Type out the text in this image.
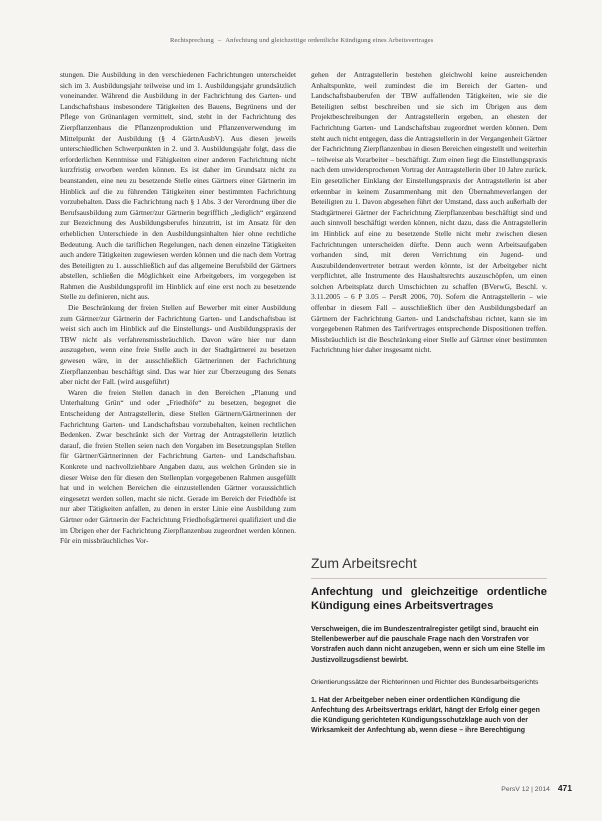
Rechtsprechung – Anfechtung und gleichzeitige ordentliche Kündigung eines Arbeitsvertrages

stungen. Die Ausbildung in den verschiedenen Fachrichtungen unterscheidet sich im 3. Ausbildungsjahr teilweise und im 1. Ausbildungsjahr grundsätzlich voneinander. Während die Ausbildung in der Fachrichtung des Garten- und Landschaftsbaus insbesondere Tätigkeiten des Bauens, Begrünens und der Pflege von Grünanlagen vermittelt, sind, steht in der Fachrichtung des Zierpflanzenbaus die Pflanzenproduktion und Pflanzenverwendung im Mittelpunkt der Ausbildung (§ 4 GärtnAusbV). Aus diesen jeweils unterschiedlichen Schwerpunkten in 2. und 3. Ausbildungsjahr folgt, dass die erforderlichen Kenntnisse und Fähigkeiten einer anderen Fachrichtung nicht kurzfristig erworben werden können. Es ist daher im Grundsatz nicht zu beanstanden, eine neu zu besetzende Stelle eines Gärtners einer Gärtnerin im Hinblick auf die zu führenden Tätigkeiten einer bestimmten Fachrichtung vorzubehalten. Dass die Fachrichtung nach § 1 Abs. 3 der Verordnung über die Berufsausbildung zum Gärtner/zur Gärtnerin begrifflich „lediglich“ ergänzend zur Bezeichnung des Ausbildungsberufes hinzutritt, ist im Ansatz für den erheblichen Unterschiede in den Ausbildungsinhalten hier ohne rechtliche Bedeutung. Auch die tariflichen Regelungen, nach denen einzelne Tätigkeiten auch andere Tätigkeiten zugewiesen werden können und die nach dem Vortrag des Beteiligten zu 1. ausschließlich auf das allgemeine Berufsbild der Gärtners abstellen, schließen die Möglichkeit eine Arbeitgebers, im vorgegeben ist Rahmen die Ausbildungsprofil im Hinblick auf eine erst noch zu besetzende Stelle zu definieren, nicht aus.

Die Beschränkung der freien Stellen auf Bewerber mit einer Ausbildung zum Gärtner/zur Gärtnerin der Fachrichtung Garten- und Landschaftsbau ist weist sich auch im Hinblick auf die Einstellungs- und Ausbildungspraxis der TBW nicht als verfahrensmissbräuchlich. Davon wäre hier nur dann auszugehen, wenn eine freie Stelle auch in der Stadtgärtnerei zu besetzen gewesen wäre, in der ausschließlich Gärtnerinnen der Fachrichtung Zierpflanzenbau beschäftigt sind. Das war hier zur Überzeugung des Senats aber nicht der Fall. (wird ausgeführt)

Waren die freien Stellen danach in den Bereichen „Planung und Unterhaltung Grün“ und oder „Friedhöfe“ zu besetzen, begegnet die Entscheidung der Antragstellerin, diese Stellen Gärtnern/Gärtnerinnen der Fachrichtung Garten- und Landschaftsbau vorzubehalten, keinen rechtlichen Bedenken. Zwar beschränkt sich der Vortrag der Antragstellerin letztlich darauf, die freien Stellen seien nach den Vorgaben im Besetzungsplan Stellen für Gärtner/Gärtnerinnen der Fachrichtung Garten- und Landschaftsbau. Konkrete und nachvollziehbare Angaben dazu, aus welchen Gründen sie in dieser Weise den für diesen den Stellenplan vorgegebenen Rahmen ausgefüllt hat und in welchen Bereichen die einzustellenden Gärtner voraussichtlich eingesetzt werden sollen, macht sie nicht. Gerade im Bereich der Friedhöfe ist nur aber Tätigkeiten anfallen, zu denen in erster Linie eine Ausbildung zum Gärtner oder Gärtnerin der Fachrichtung Friedhofsgärtnerei qualifiziert und die im Übrigen eher der Fachrichtung Zierpflanzenbau zugeordnet werden können. Für ein missbräuchliches Vor-

gehen der Antragstellerin bestehen gleichwohl keine ausreichenden Anhaltspunkte, weil zumindest die im Bereich der Garten- und Landschaftsbauberufen der TBW auffallenden Tätigkeiten, wie sie die Beteiligten selbst beschreiben und sie sich im Übrigen aus dem Projektbeschreibungen der Antragstellerin ergeben, an ehesten der Fachrichtung Garten- und Landschaftsbau zugeordnet werden können. Dem steht auch nicht entgegen, dass die Antragstellerin in der Vergangenheit Gärtner der Fachrichtung Zierpflanzenbau in diesen Bereichen eingestellt und weiterhin – teilweise als Vorarbeiter – beschäftigt. Zum einen liegt die Einstellungspraxis nach dem unwidersprochenen Vortrag der Antragstellerin über 10 Jahre zurück. Ein gesetzlicher Einklang der Einstellungspraxis der Antragstellerin ist aber erkennbar in keinem Zusammenhang mit den Übernahmeverlangen der Beteiligten zu 1. Davon abgesehen führt der Umstand, dass auch außerhalb der Stadtgärtnerei Gärtner der Fachrichtung Zierpflanzenbau beschäftigt sind und auch sinnvoll beschäftigt werden können, nicht dazu, dass die Antragstellerin im Hinblick auf eine zu besetzende Stelle nicht mehr zwischen diesen Fachrichtungen unterscheiden dürfte. Denn auch wenn Arbeitsaufgaben vorhanden sind, mit deren Verrichtung ein Jugend- und Auszubildendenvertreter betraut werden könnte, ist der Arbeitgeber nicht verpflichtet, alle Instrumente des Haushaltsrechts auszuschöpfen, um einen solchen Arbeitsplatz durch Umschichten zu schaffen (BVerwG, Beschl. v. 3.11.2005 – 6 P 3.05 – PersR 2006, 70). Sofern die Antragstellerin – wie offenbar in diesem Fall – ausschließlich über den Ausbildungsbedarf an Gärtnern der Fachrichtung Garten- und Landschaftsbau richtet, kann sie im vorgegebenen Rahmen des Tarifvertrages entsprechende Dispositionen treffen. Missbräuchlich ist die Beschränkung einer Stelle auf Gärtner einer bestimmten Fachrichtung hier daher insgesamt nicht.

Zum Arbeitsrecht
Anfechtung und gleichzeitige ordentliche Kündigung eines Arbeitsvertrages
Verschweigen, die im Bundeszentralregister getilgt sind, braucht ein Stellenbewerber auf die pauschale Frage nach den Vorstrafen vor Vorstrafen auch dann nicht anzugeben, wenn er sich um eine Stelle im Justizvollzugsdienst bewirbt.
Orientierungssätze der Richterinnen und Richter des Bundesarbeitsgerichts
1. Hat der Arbeitgeber neben einer ordentlichen Kündigung die Anfechtung des Arbeitsvertrags erklärt, hängt der Erfolg einer gegen die Kündigung gerichteten Kündigungsschutzklage auch von der Wirksamkeit der Anfechtung ab, wenn diese – ihre Berechtigung
PersV 12 | 2014 471
